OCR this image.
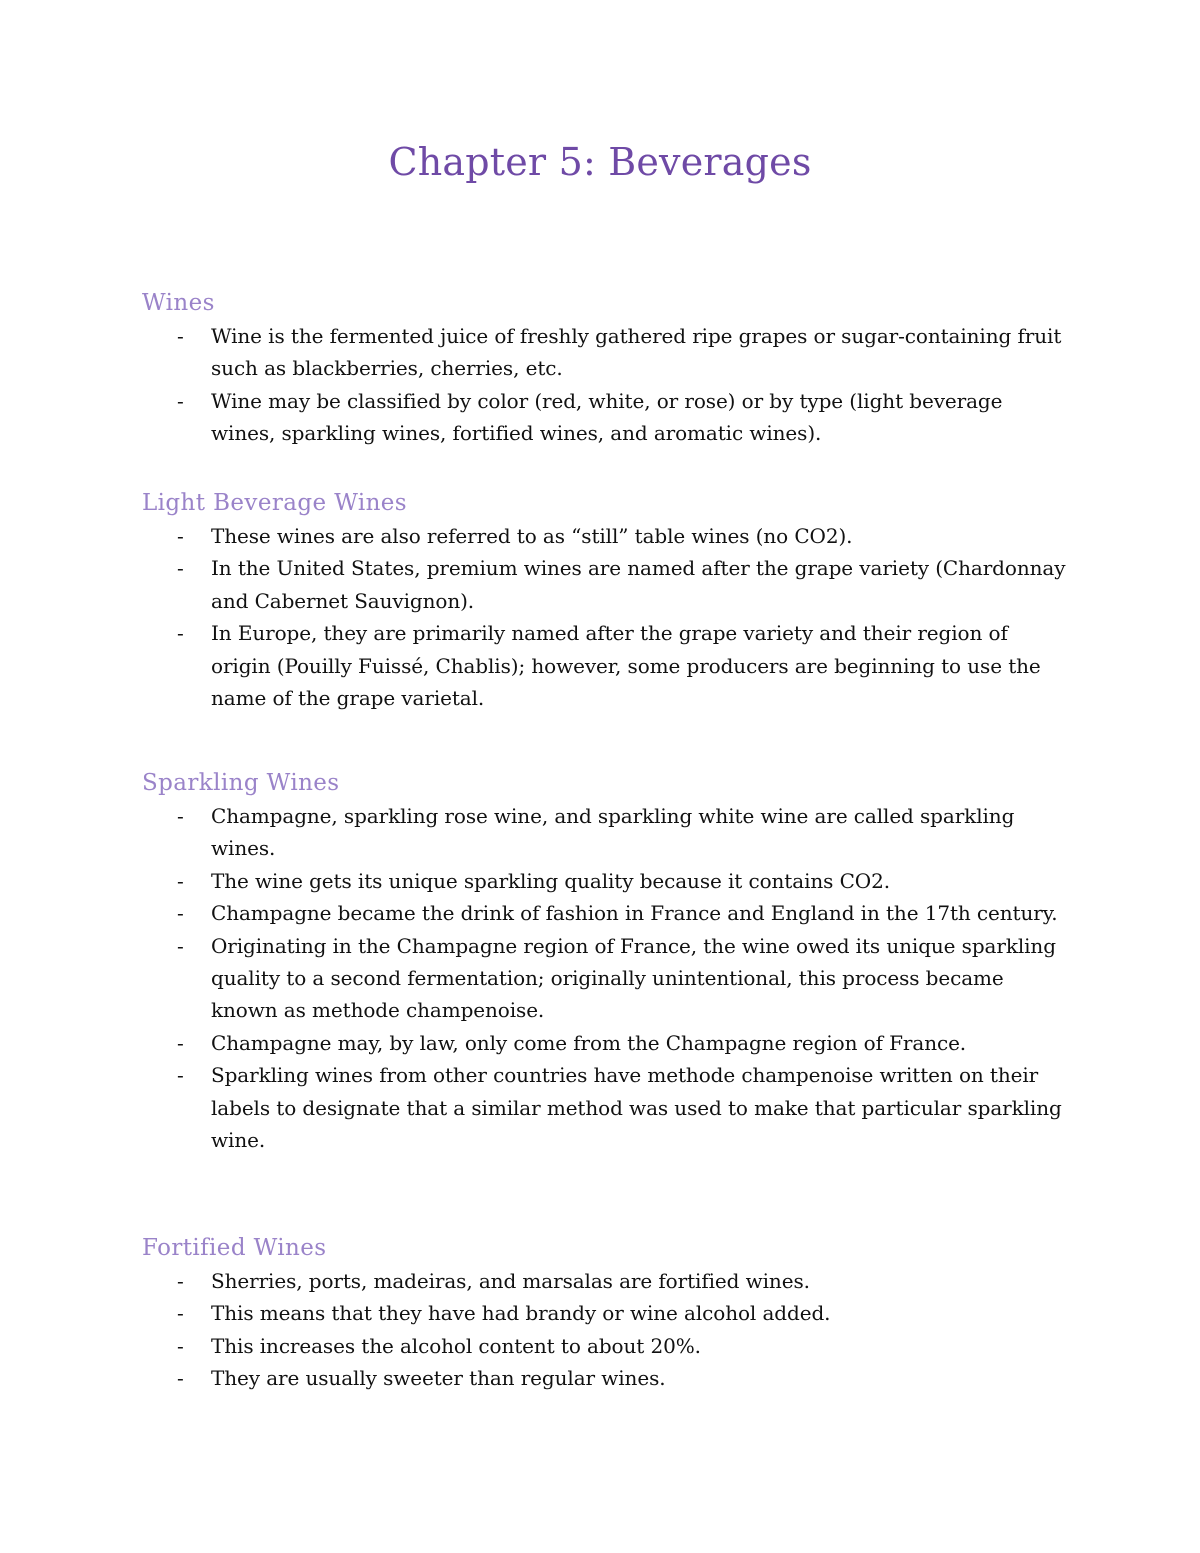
Chapter 5: Beverages
Wines
- Wine is the fermented juice of freshly gathered ripe grapes or sugar-containing fruit such as blackberries, cherries, etc.
- Wine may be classified by color (red, white, or rose) or by type (light beverage wines, sparkling wines, fortified wines, and aromatic wines).
Light Beverage Wines
- These wines are also referred to as “still” table wines (no CO2).
- In the United States, premium wines are named after the grape variety (Chardonnay and Cabernet Sauvignon).
- In Europe, they are primarily named after the grape variety and their region of origin (Pouilly Fuissé, Chablis); however, some producers are beginning to use the name of the grape varietal.
Sparkling Wines
- Champagne, sparkling rose wine, and sparkling white wine are called sparkling wines.
- The wine gets its unique sparkling quality because it contains CO2.
- Champagne became the drink of fashion in France and England in the 17th century.
- Originating in the Champagne region of France, the wine owed its unique sparkling quality to a second fermentation; originally unintentional, this process became known as methode champenoise.
- Champagne may, by law, only come from the Champagne region of France.
- Sparkling wines from other countries have methode champenoise written on their labels to designate that a similar method was used to make that particular sparkling wine.
Fortified Wines
- Sherries, ports, madeiras, and marsalas are fortified wines.
- This means that they have had brandy or wine alcohol added.
- This increases the alcohol content to about 20%.
- They are usually sweeter than regular wines.
